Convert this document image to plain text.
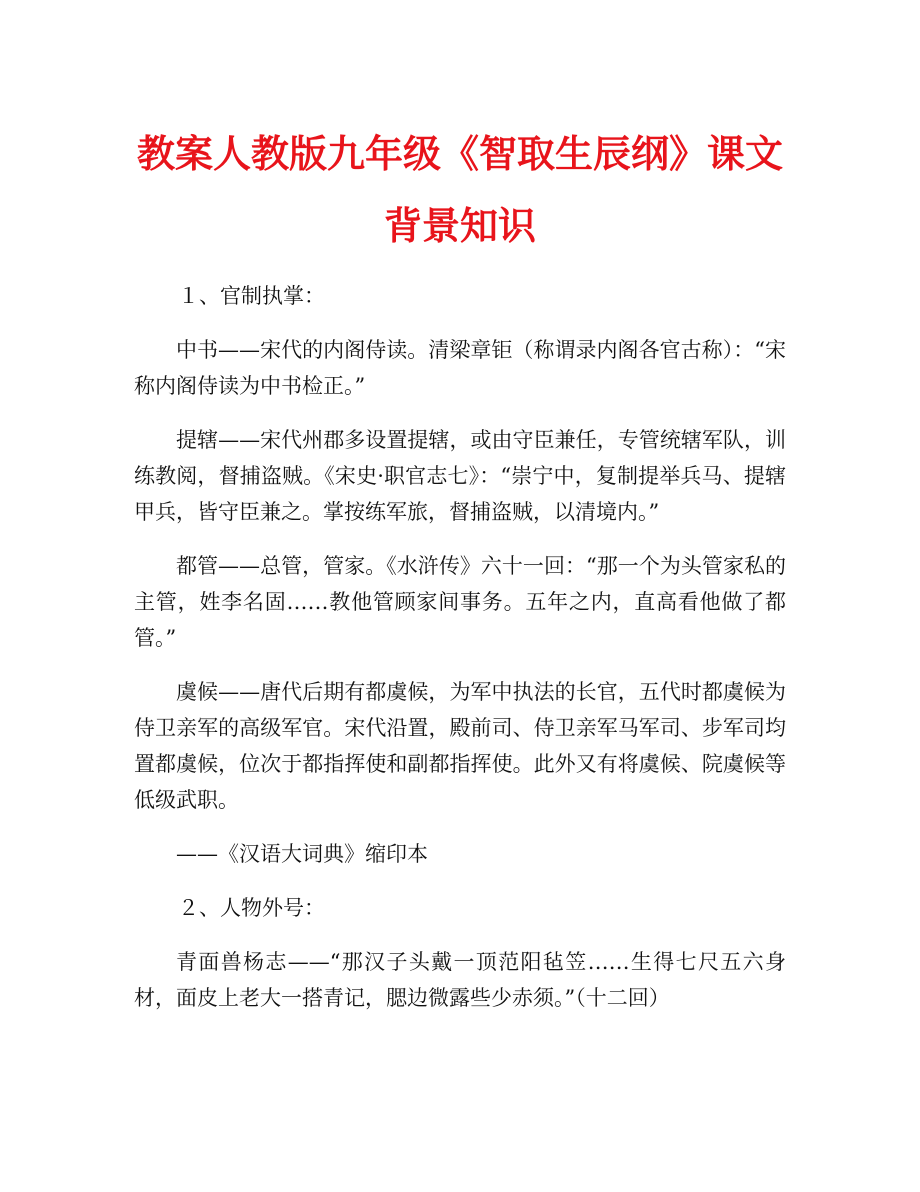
教案人教版九年级《智取生辰纲》课文背景知识

１、官制执掌：

中书——宋代的内阁侍读。清梁章钜（称谓录内阁各官古称）：“宋称内阁侍读为中书检正。”

提辖——宋代州郡多设置提辖，或由守臣兼任，专管统辖军队，训练教阅，督捕盗贼。《宋史·职官志七》：“崇宁中，复制提举兵马、提辖甲兵，皆守臣兼之。掌按练军旅，督捕盗贼，以清境内。”

都管——总管，管家。《水浒传》六十一回：“那一个为头管家私的主管，姓李名固……教他管顾家间事务。五年之内，直高看他做了都管。”

虞候——唐代后期有都虞候，为军中执法的长官，五代时都虞候为侍卫亲军的高级军官。宋代沿置，殿前司、侍卫亲军马军司、步军司均置都虞候，位次于都指挥使和副都指挥使。此外又有将虞候、院虞候等低级武职。

——《汉语大词典》缩印本

２、人物外号：

青面兽杨志——“那汉子头戴一顶范阳毡笠……生得七尺五六身材，面皮上老大一搭青记，腮边微露些少赤须。”（十二回）
